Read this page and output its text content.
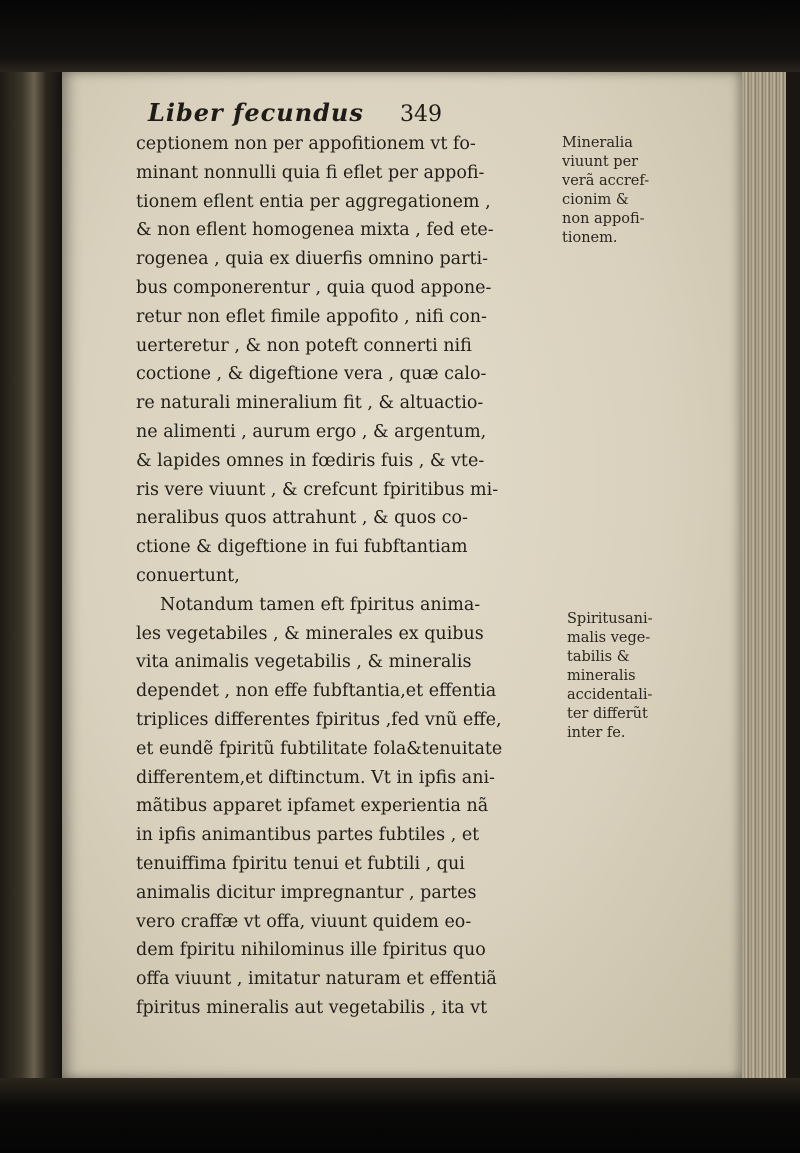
Liber fecundus 349
ceptionem non per appofitionem vt fo-
minant nonnulli quia fi eflet per appofi-
tionem eflent entia per aggregationem ,
& non eflent homogenea mixta , fed ete-
rogenea , quia ex diuerfis omnino parti-
bus componerentur , quia quod appone-
retur non eflet fimile appofito , nifi con-
uerteretur , & non poteft connerti nifi
coctione , & digeftione vera , quæ calo-
re naturali mineralium fit , & altuactio-
ne alimenti , aurum ergo , & argentum,
& lapides omnes in fœdiris fuis , & vte-
ris vere viuunt , & crefcunt fpiritibus mi-
neralibus quos attrahunt , & quos co-
ctione & digeftione in fui fubftantiam
conuertunt,
Notandum tamen eft fpiritus anima-
les vegetabiles , & minerales ex quibus
vita animalis vegetabilis , & mineralis
dependet , non effe fubftantia,et effentia
triplices differentes fpiritus ,fed vnũ effe,
et eundẽ fpiritũ fubtilitate fola&tenuitate
differentem,et diftinctum. Vt in ipfis ani-
mãtibus apparet ipfamet experientia nã
in ipfis animantibus partes fubtiles , et
tenuiffima fpiritu tenui et fubtili , qui
animalis dicitur impregnantur , partes
vero craffæ vt offa, viuunt quidem eo-
dem fpiritu nihilominus ille fpiritus quo
offa viuunt , imitatur naturam et effentiã
fpiritus mineralis aut vegetabilis , ita vt
Mineralia
viuunt per
verã accref-
cionim &
non appofi-
tionem.
Spiritusani-
malis vege-
tabilis &
mineralis
accidentali-
ter differũt
inter fe.
